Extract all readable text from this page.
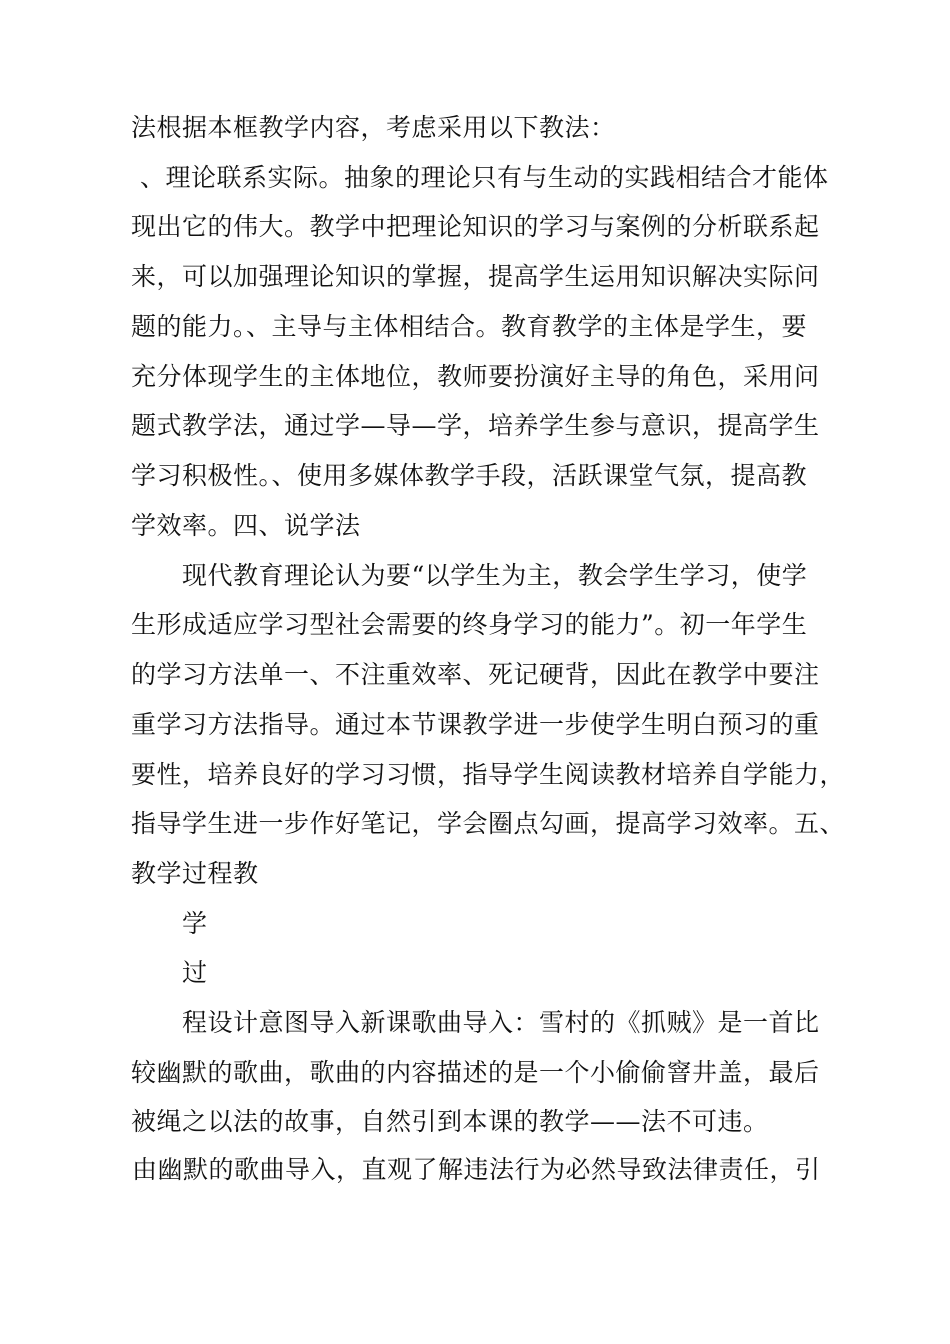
法根据本框教学内容，考虑采用以下教法：
、理论联系实际。抽象的理论只有与生动的实践相结合才能体
现出它的伟大。教学中把理论知识的学习与案例的分析联系起
来，可以加强理论知识的掌握，提高学生运用知识解决实际问
题的能力。、主导与主体相结合。教育教学的主体是学生，要
充分体现学生的主体地位，教师要扮演好主导的角色，采用问
题式教学法，通过学—导—学，培养学生参与意识，提高学生
学习积极性。、使用多媒体教学手段，活跃课堂气氛，提高教
学效率。四、说学法
现代教育理论认为要“以学生为主，教会学生学习，使学
生形成适应学习型社会需要的终身学习的能力”。初一年学生
的学习方法单一、不注重效率、死记硬背，因此在教学中要注
重学习方法指导。通过本节课教学进一步使学生明白预习的重
要性，培养良好的学习习惯，指导学生阅读教材培养自学能力，
指导学生进一步作好笔记，学会圈点勾画，提高学习效率。五、
教学过程教
学
过
程设计意图导入新课歌曲导入：雪村的《抓贼》是一首比
较幽默的歌曲，歌曲的内容描述的是一个小偷偷窨井盖，最后
被绳之以法的故事，自然引到本课的教学——法不可违。
由幽默的歌曲导入，直观了解违法行为必然导致法律责任，引
